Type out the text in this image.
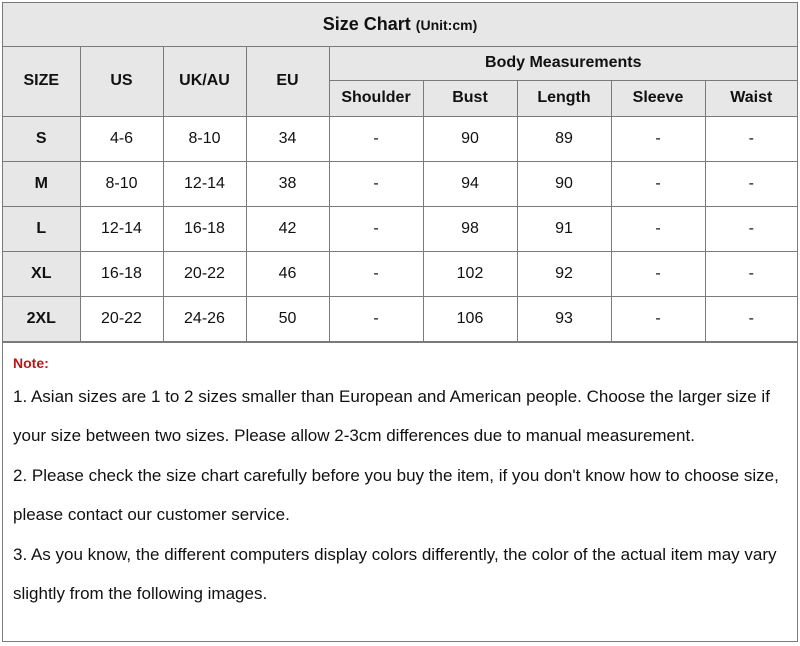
Size Chart (Unit:cm)
SIZE	US	UK/AU	EU	Body Measurements				
				Shoulder	Bust	Length	Sleeve	Waist
S	4-6	8-10	34	-	90	89	-	-
M	8-10	12-14	38	-	94	90	-	-
L	12-14	16-18	42	-	98	91	-	-
XL	16-18	20-22	46	-	102	92	-	-
2XL	20-22	24-26	50	-	106	93	-	-
Note:

1. Asian sizes are 1 to 2 sizes smaller than European and American people. Choose the larger size if your size between two sizes. Please allow 2-3cm differences due to manual measurement.

2. Please check the size chart carefully before you buy the item, if you don't know how to choose size, please contact our customer service.

3. As you know, the different computers display colors differently, the color of the actual item may vary slightly from the following images.
